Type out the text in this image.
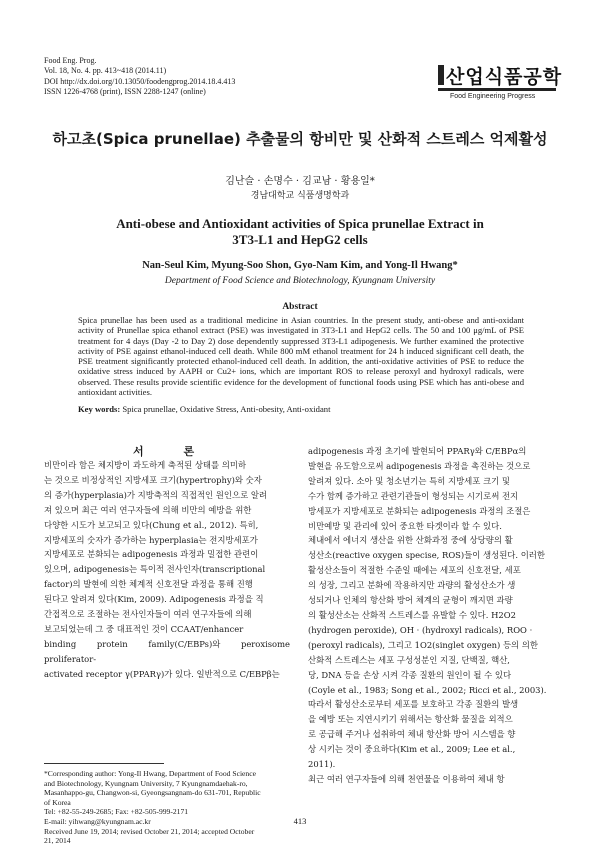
Food Eng. Prog.
Vol. 18, No. 4. pp. 413~418 (2014.11)
DOI http://dx.doi.org/10.13050/foodengprog.2014.18.4.413
ISSN 1226-4768 (print), ISSN 2288-1247 (online)
산업식품공학
Food Engineering Progress
하고초(Spica prunellae) 추출물의 항비만 및 산화적 스트레스 억제활성
김난슬 · 손명수 · 김교남 · 황용일*
경남대학교 식품생명학과
Anti-obese and Antioxidant activities of Spica prunellae Extract in
3T3-L1 and HepG2 cells
Nan-Seul Kim, Myung-Soo Shon, Gyo-Nam Kim, and Yong-Il Hwang*
Department of Food Science and Biotechnology, Kyungnam University
Abstract
Spica prunellae has been used as a traditional medicine in Asian countries. In the present study, anti-obese and anti-oxidant activity of Prunellae spica ethanol extract (PSE) was investigated in 3T3-L1 and HepG2 cells. The 50 and 100 μg/mL of PSE treatment for 4 days (Day -2 to Day 2) dose dependently suppressed 3T3-L1 adipogenesis. We further examined the protective activity of PSE against ethanol-induced cell death. While 800 mM ethanol treatment for 24 h induced significant cell death, the PSE treatment significantly protected ethanol-induced cell death. In addition, the anti-oxidative activities of PSE to reduce the oxidative stress induced by AAPH or Cu2+ ions, which are important ROS to release peroxyl and hydroxyl radicals, were observed. These results provide scientific evidence for the development of functional foods using PSE which has anti-obese and antioxidant activities.
Key words: Spica prunellae, Oxidative Stress, Anti-obesity, Anti-oxidant
서 론

비만이라 함은 체지방이 과도하게 축적된 상태를 의미하

는 것으로 비정상적인 지방세포 크기(hypertrophy)와 숫자

의 증가(hyperplasia)가 지방축적의 직접적인 원인으로 알려

져 있으며 최근 여러 연구자들에 의해 비만의 예방을 위한

다양한 시도가 보고되고 있다(Chung et al., 2012). 특히,

지방세포의 숫자가 증가하는 hyperplasia는 전지방세포가

지방세포로 분화되는 adipogenesis 과정과 밀접한 관련이

있으며, adipogenesis는 특이적 전사인자(transcriptional

factor)의 발현에 의한 체계적 신호전달 과정을 통해 진행

된다고 알려져 있다(Kim, 2009). Adipogenesis 과정을 직

간접적으로 조절하는 전사인자들이 여러 연구자들에 의해

보고되었는데 그 중 대표적인 것이 CCAAT/enhancer

binding protein family(C/EBPs)와 peroxisome proliferator-

activated receptor γ(PPARγ)가 있다. 일반적으로 C/EBPβ는

adipogenesis 과정 초기에 발현되어 PPARγ와 C/EBPα의

발현을 유도함으로써 adipogenesis 과정을 촉진하는 것으로

알려져 있다. 소아 및 청소년기는 특히 지방세포 크기 및

수가 함께 증가하고 관련기관들이 형성되는 시기로써 전지

방세포가 지방세포로 분화되는 adipogenesis 과정의 조절은

비만예방 및 관리에 있어 중요한 타겟이라 할 수 있다.

체내에서 에너지 생산을 위한 산화과정 중에 상당량의 활

성산소(reactive oxygen specise, ROS)들이 생성된다. 이러한

활성산소들이 적절한 수준일 때에는 세포의 신호전달, 세포

의 성장, 그리고 분화에 작용하지만 과량의 활성산소가 생

성되거나 인체의 항산화 방어 체계의 균형이 깨지면 과량

의 활성산소는 산화적 스트레스를 유발할 수 있다. H2O2

(hydrogen peroxide), OH · (hydroxyl radicals), ROO ·

(peroxyl radicals), 그리고 1O2(singlet oxygen) 등의 의한

산화적 스트레스는 세포 구성성분인 지질, 단백질, 핵산,

당, DNA 등을 손상 시켜 각종 질환의 원인이 될 수 있다

(Coyle et al., 1983; Song et al., 2002; Ricci et al., 2003).

따라서 활성산소로부터 세포를 보호하고 각종 질환의 발생

을 예방 또는 지연시키기 위해서는 항산화 물질을 외적으

로 공급해 주거나 섭취하여 체내 항산화 방어 시스템을 향

상 시키는 것이 중요하다(Kim et al., 2009; Lee et al.,

2011).

최근 여러 연구자들에 의해 천연물을 이용하여 체내 항

*Corresponding author: Yong-Il Hwang, Department of Food Science
and Biotechnology, Kyungnam University, 7 Kyungnamdaehak-ro,
Masanhappo-gu, Changwon-si, Gyeongsangnam-do 631-701, Republic
of Korea
Tel: +82-55-249-2685; Fax: +82-505-999-2171
E-mail: yihwang@kyungnam.ac.kr
Received June 19, 2014; revised October 21, 2014; accepted October
21, 2014
413
